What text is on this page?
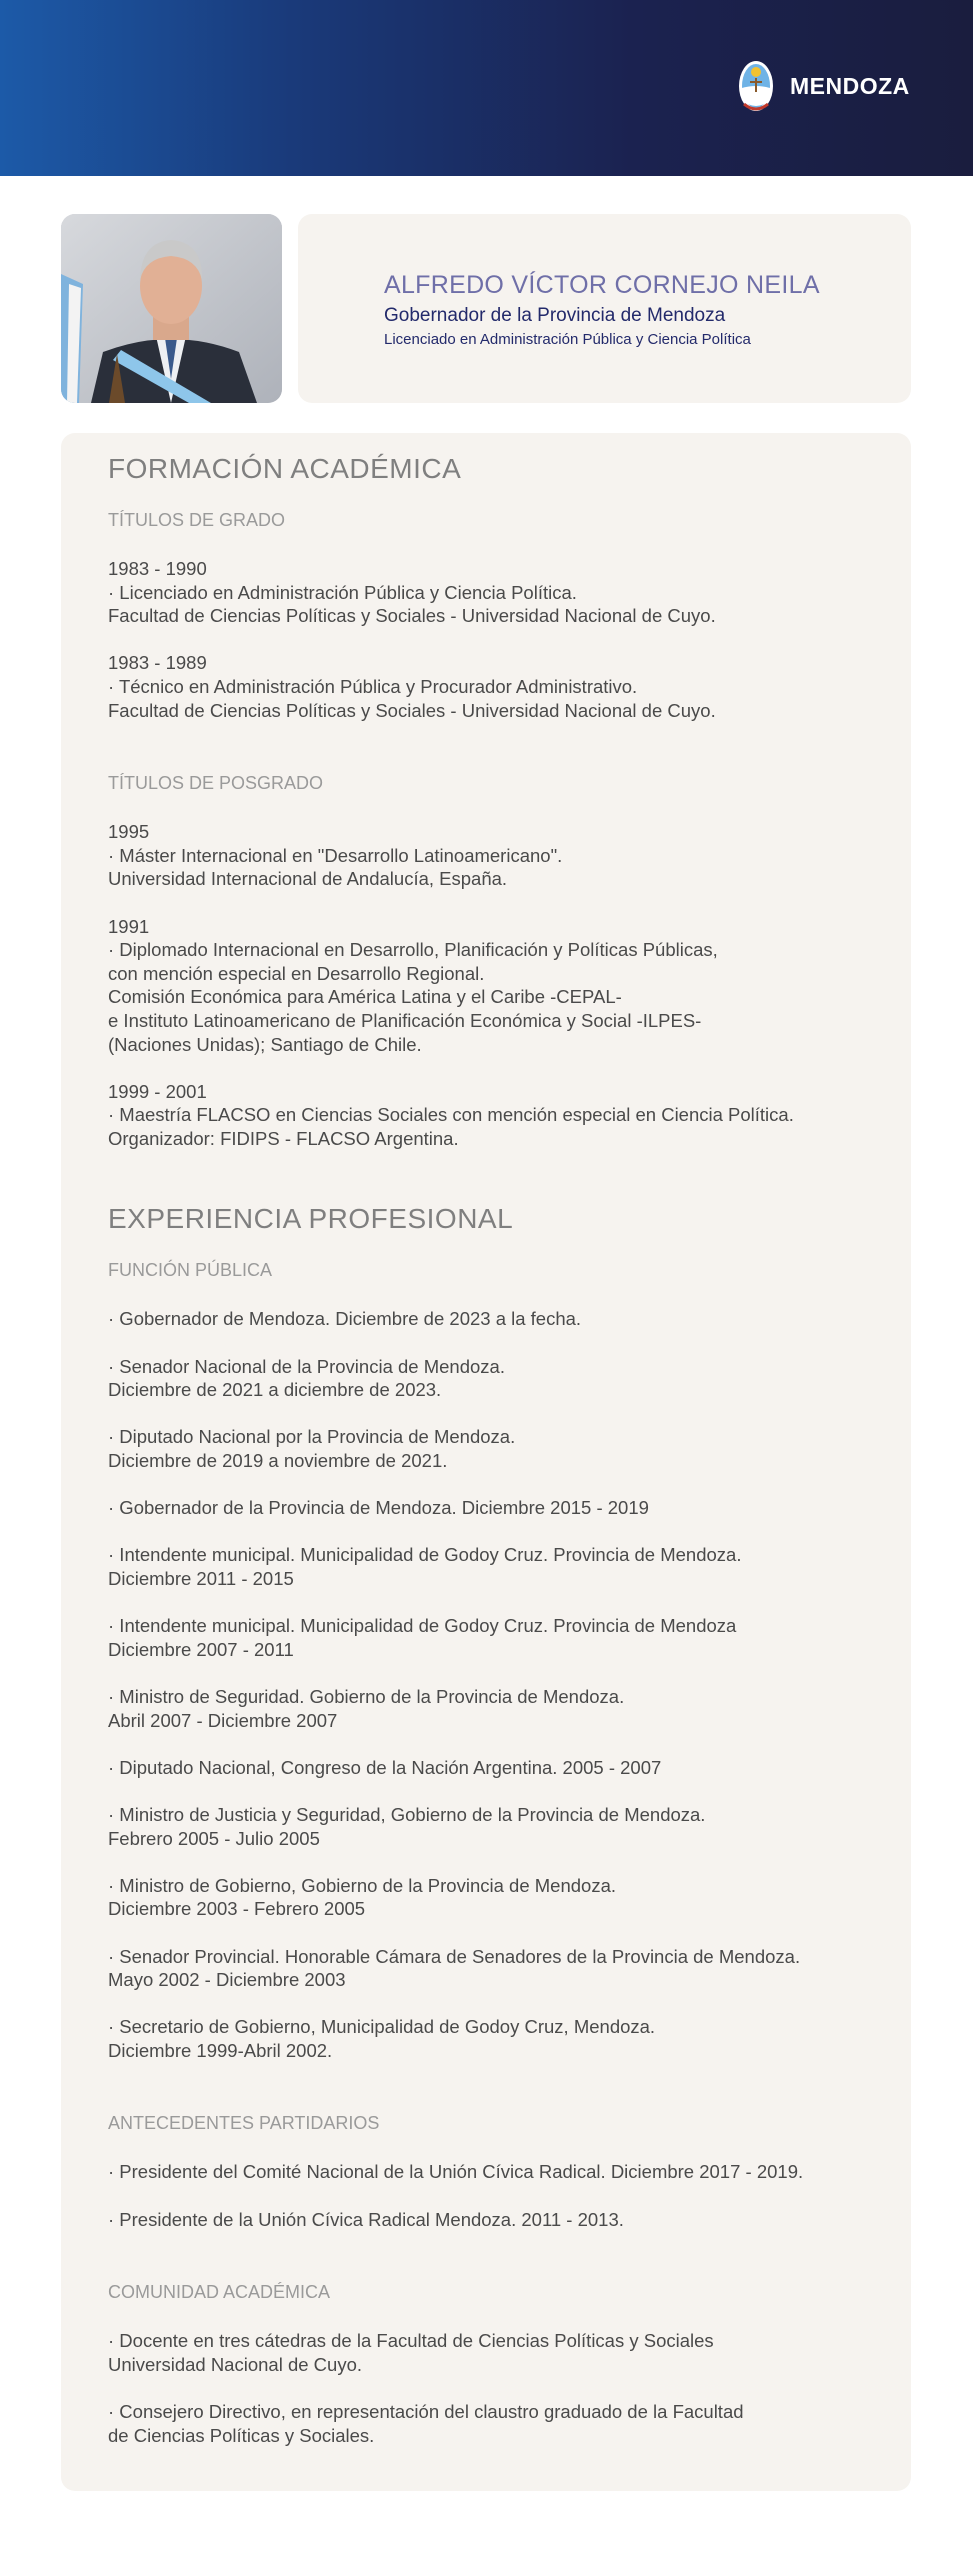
MENDOZA
ALFREDO VÍCTOR CORNEJO NEILA
Gobernador de la Provincia de Mendoza
Licenciado en Administración Pública y Ciencia Política
FORMACIÓN ACADÉMICA
TÍTULOS DE GRADO

1983 - 1990
· Licenciado en Administración Pública y Ciencia Política.
Facultad de Ciencias Políticas y Sociales - Universidad Nacional de Cuyo.

1983 - 1989
· Técnico en Administración Pública y Procurador Administrativo.
Facultad de Ciencias Políticas y Sociales - Universidad Nacional de Cuyo.

TÍTULOS DE POSGRADO

1995
· Máster Internacional en "Desarrollo Latinoamericano".
Universidad Internacional de Andalucía, España.

1991
· Diplomado Internacional en Desarrollo, Planificación y Políticas Públicas,
con mención especial en Desarrollo Regional.
Comisión Económica para América Latina y el Caribe -CEPAL-
e Instituto Latinoamericano de Planificación Económica y Social -ILPES-
(Naciones Unidas); Santiago de Chile.

1999 - 2001
· Maestría FLACSO en Ciencias Sociales con mención especial en Ciencia Política.
Organizador: FIDIPS - FLACSO Argentina.

EXPERIENCIA PROFESIONAL
FUNCIÓN PÚBLICA

· Gobernador de Mendoza. Diciembre de 2023 a la fecha.

· Senador Nacional de la Provincia de Mendoza.
Diciembre de 2021 a diciembre de 2023.

· Diputado Nacional por la Provincia de Mendoza.
Diciembre de 2019 a noviembre de 2021.

· Gobernador de la Provincia de Mendoza. Diciembre 2015 - 2019

· Intendente municipal. Municipalidad de Godoy Cruz. Provincia de Mendoza.
Diciembre 2011 - 2015

· Intendente municipal. Municipalidad de Godoy Cruz. Provincia de Mendoza
Diciembre 2007 - 2011

· Ministro de Seguridad. Gobierno de la Provincia de Mendoza.
Abril 2007 - Diciembre 2007

· Diputado Nacional, Congreso de la Nación Argentina. 2005 - 2007

· Ministro de Justicia y Seguridad, Gobierno de la Provincia de Mendoza.
Febrero 2005 - Julio 2005

· Ministro de Gobierno, Gobierno de la Provincia de Mendoza.
Diciembre 2003 - Febrero 2005

· Senador Provincial. Honorable Cámara de Senadores de la Provincia de Mendoza.
Mayo 2002 - Diciembre 2003

· Secretario de Gobierno, Municipalidad de Godoy Cruz, Mendoza.
Diciembre 1999-Abril 2002.

ANTECEDENTES PARTIDARIOS

· Presidente del Comité Nacional de la Unión Cívica Radical. Diciembre 2017 - 2019.

· Presidente de la Unión Cívica Radical Mendoza. 2011 - 2013.

COMUNIDAD ACADÉMICA

· Docente en tres cátedras de la Facultad de Ciencias Políticas y Sociales
Universidad Nacional de Cuyo.

· Consejero Directivo, en representación del claustro graduado de la Facultad
de Ciencias Políticas y Sociales.
